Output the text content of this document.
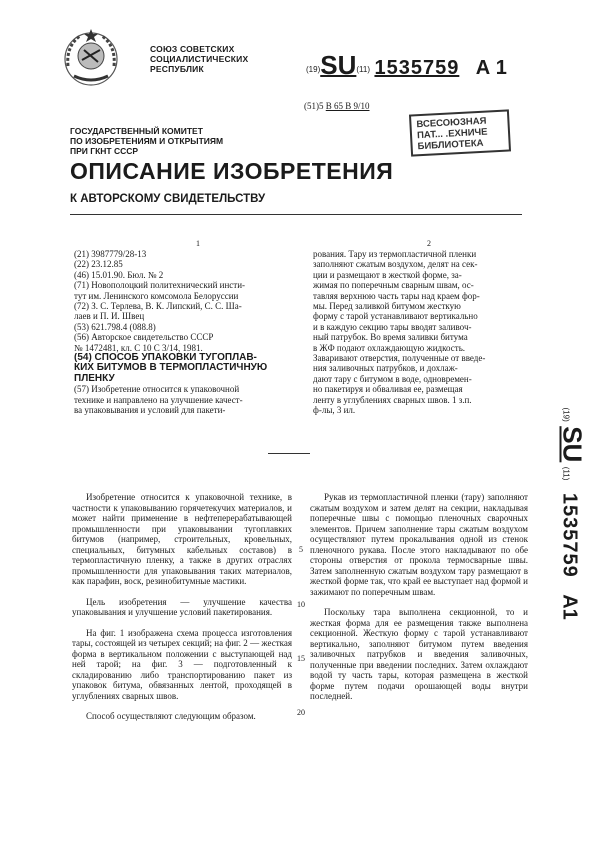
СОЮЗ СОВЕТСКИХ
СОЦИАЛИСТИЧЕСКИХ
РЕСПУБЛИК	(19)SU(11) 1535759 А 1
(51)5 В 65 В 9/10
ВСЕСОЮЗНАЯ
ПАТ... .ЕХНИЧЕ
БИБЛИОТЕКА
ГОСУДАРСТВЕННЫЙ КОМИТЕТ
ПО ИЗОБРЕТЕНИЯМ И ОТКРЫТИЯМ
ПРИ ГКНТ СССР
ОПИСАНИЕ ИЗОБРЕТЕНИЯ
К АВТОРСКОМУ СВИДЕТЕЛЬСТВУ
1	2
(21) 3987779/28-13
(22) 23.12.85
(46) 15.01.90. Бюл. № 2
(71) Новополоцкий политехнический инсти-
тут им. Ленинского комсомола Белоруссии
(72) З. С. Терлева, В. К. Липский, С. С. Ша-
лаев и П. И. Швец
(53) 621.798.4 (088.8)
(56) Авторское свидетельство СССР
№ 1472481, кл. С 10 С 3/14, 1981.
(54) СПОСОБ УПАКОВКИ ТУГОПЛАВ-
КИХ БИТУМОВ В ТЕРМОПЛАСТИЧНУЮ
ПЛЕНКУ
(57) Изобретение относится к упаковочной
технике и направлено на улучшение качест-
ва упаковывания и условий для пакети-
рования. Тару из термопластичной пленки
заполняют сжатым воздухом, делят на сек-
ции и размещают в жесткой форме, за-
жимая по поперечным сварным швам, ос-
тавляя верхнюю часть тары над краем фор-
мы. Перед заливкой битумом жесткую
форму с тарой устанавливают вертикально
и в каждую секцию тары вводят заливоч-
ный патрубок. Во время заливки битума
в ЖФ подают охлаждающую жидкость.
Заваривают отверстия, полученные от введе-
ния заливочных патрубков, и дохлаж-
дают тару с битумом в воде, одновремен-
но пакетируя и обваливая ее, размещая
ленту в углублениях сварных швов. 1 з.п.
ф-лы, 3 ил.

Изобретение относится к упаковочной технике, в частности к упаковыванию горячетекучих материалов, и может найти применение в нефтеперерабатывающей промышленности при упаковывании тугоплавких битумов (например, строительных, кровельных, специальных, битумных кабельных составов) в термопластичную пленку, а также в других отраслях промышленности для упаковывания таких материалов, как парафин, воск, резинобитумные мастики.

Цель изобретения — улучшение качества упаковывания и улучшение условий пакетирования.

На фиг. 1 изображена схема процесса изготовления тары, состоящей из четырех секций; на фиг. 2 — жесткая форма в вертикальном положении с выступающей над ней тарой; на фиг. 3 — подготовленный к складированию либо транспортированию пакет из упаковок битума, обвязанных лентой, проходящей в углублениях сварных швов.

Способ осуществляют следующим образом.

5
10
15
20

Рукав из термопластичной пленки (тару) заполняют сжатым воздухом и затем делят на секции, накладывая поперечные швы с помощью пленочных сварочных элементов. Причем заполнение тары сжатым воздухом осуществляют путем прокалывания одной из стенок пленочного рукава. После этого накладывают по обе стороны отверстия от прокола термосварные швы. Затем заполненную сжатым воздухом тару размещают в жесткой форме так, что край ее выступает над формой и зажимают по поперечным швам.

Поскольку тара выполнена секционной, то и жесткая форма для ее размещения также выполнена секционной. Жесткую форму с тарой устанавливают вертикально, заполняют битумом путем введения заливочных патрубков и введения заливочных, полученные при введении последних. Затем охлаждают водой ту часть тары, которая размещена в жесткой форме путем подачи орошающей воды внутри последней.

(19) SU (11) 1535759 А1
